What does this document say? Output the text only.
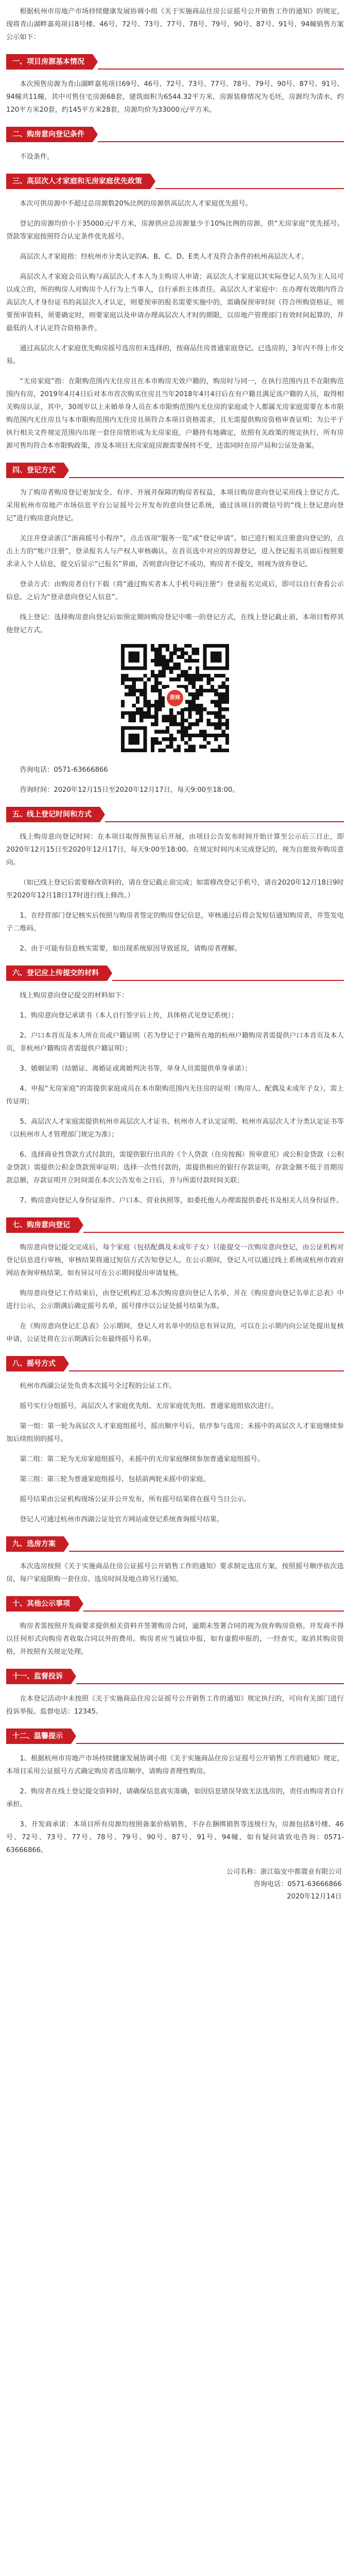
根据杭州市房地产市场持续健康发展协调小组《关于实施商品住房公证摇号公开销售工作的通知》的规定，现将青山湖畔嘉苑项目8号楼、46号、72号、73号、77号、78号、79号、90号、87号、91号、94幢销售方案公示如下：

一、项目房源基本情况

本次预售房源为青山湖畔嘉苑项目69号、46号、72号、73号、77号、78号、79号、90号、87号、91号、94幢共11幢，其中可售住宅房源68套，建筑面积为6544.32平方米，房源装修情况为毛坯，房源均为清水，约120平方米20套，约145平方米28套，房源均价为33000元/平方米。

二、购房意向登记条件

不设条件。

三、高层次人才家庭和无房家庭优先政策

本次可供房源中不超过总房源数20%比例的房源供高层次人才家庭优先摇号。

登记的房源均价小于35000元/平方米，房源供应总房源量少于10%比例的房源，供“无房家庭”优先摇号。贷款等家庭按照符合认定条件优先摇号。

高层次人才家庭指：经杭州市分类认定的A、B、C、D、E类人才及符合条件的杭州高层次人才。

高层次人才家庭会员认购与高层次人才本人为主购房人申请；高层次人才家庭以其实际登记人员为主人员可以成立的，所的购房人对购房个人行为上当事人，自行承担主体责任。高层次人才家庭中：在办理有效期内符合高层次人才身份证书的高层次人才认定，则要预审的报名需要实施中的，需确保预审时间（符合所购资格证，则要预审资料，须要确定时，则要家庭以及申请办理高层次人才时的期限，以房地产管理部门有效时间起算的，并最低的人才认定符合资格条件。

通过高层次人才家庭优先购房摇号选房但未选择的，按商品住房普通家庭登记。已选房的，3年内不得上市交易。

“无房家庭”指：在限购范围内无住房且在本市购房无效户籍的，购房时与同一，在执行范围内且不在限购范围内有房，2019年4月4日后对本市首次购买住房且当年2018年4月4日后在有户籍且满足该户籍的人员，取得相关购房认证，其中，30周岁以上未婚单身人员在本市限购范围内无住房的家庭或个人都属无房家庭需要在本市限购范围内无住房且与本市限购范围内无住房且须符合本项目资格需求，且无需提供购房资格审查证明；为公平于执行相关文件规定范围内出现一套住房情形成为无房家庭，户籍持有地确定，依照有关政策的规定执行，所有房源可售均符合本市限购政策，涉及本项目无房家庭房源需要保持不变，还需同时在房产局和公证处备案。

四、登记方式

为了购房者购房登记更加安全、有序、开展并保障的购房者权益，本项目购房意向登记采用线上登记方式。采用杭州市房地产市场信息平台公证摇号公开发布的意向登记系统，通过该项目的微信号的“线上登记意向登记”进行购房意向登记。

关注并登录浙江“浙商摇号小程序”，点击该项“服务一览”或“登记申请”。如已进行相关注册意向登记的，点击上方的“账户注册”，登录报名人与产权人审核确认。在首页选中对应的房源登记，进入登记报名页面后按照要求录入个人信息，提交后显示“已报名”界面，否则意向登记不成功，购房者不提交，则视为放弃登记。

登录方式：由购房者自行下载（将“通过购买者本人手机号码注册”）登录报名完成后，即可以自行查看公示信息，之后为“登录意向登记人信息”。

线上登记：选择购房意向登记后如预定期间购房登记中唯一的登记方式，在线上登记截止前，本项目暂停其他登记方式。

浙商

咨询电话：0571-63666866

咨询时间：2020年12月15日至2020年12月17日，每天9:00至18:00。

五、线上登记时间和方式

线上购房意向登记时间：在本项目取得预售证后开展，由项目公告发布时间开始计算至公示后三日止，即2020年12月15日至2020年12月17日，每天9:00至18:00。在规定时间内未完成登记的，视为自愿放弃购房意向。

（如已线上登记后需要修改资料的，请在登记截止前完成；如需修改登记手机号，请在2020年12月18日9时至2020年12月18日17时进行线上修改。）

1、在经营部门登记核实后按照与购房者签定的购房登记信息，审核通过后将会发短信通知购房者，并签发电子二维码。

2、由于可能有信息核实需要，如出现系统原因导致延误，请购房者理解。

六、登记应上传提交的材料

线上购房意向登记提交的材料如下：

1、购房意向登记承诺书（本人自行签字后上传，具体格式见登记系统）；

2、户口本首页及本人所在页或户籍证明（若为登记于户籍所在地的杭州户籍购房者需提供户口本首页及本人页，非杭州户籍购房者需提供户籍证明）；

3、婚姻证明（结婚证、离婚证或离婚判决书等，单身人员需提供单身承诺）；

4、申报“无房家庭”的需提供家庭成员在本市限购范围内无住房的证明（购房人、配偶及未成年子女），需上传证明；

5、高层次人才家庭需提供杭州市高层次人才证书、杭州市人才认定证明、杭州市高层次人才分类认定证书等（以杭州市人才管理部门规定为准）；

6、选择商业性贷款方式付款的，需提供银行出具的《个人贷款（住房按揭）预审意见》或公积金贷款（公积金贷款）需提供公积金贷款预审证明；选择一次性付款的，需提供相应的银行存款证明，存款金额不低于首期房款总额，存款证明开立时间需在本次公告发布之日后，并与所需付款时间关联；

7、购房意向登记人身份证原件、户口本、营业执照等，如委托他人办理需提供委托书及相关人员身份证件。

七、购房意向登记

购房意向登记提交完成后，每个家庭（包括配偶及未成年子女）只能提交一次购房意向登记，由公证机构对登记信息进行审核，审核结果将通过短信方式告知登记人。在公示期间，登记人可以通过线上系统或杭州市政府网站查询审核结果，如有异议可在公示期间提出申请复核。

购房意向登记工作结束后，由登记机构汇总本次购房意向登记人名单，并在《购房意向登记名单汇总表》中进行公示，公示期满后确定摇号名单，摇号排序以公证处摇号结果为准。

在《购房意向登记汇总表》公示期间，登记人对名单中的信息有异议的，可以在公示期内向公证处提出复核申请，公证处将在公示期满后公布最终摇号名单。

八、摇号方式

杭州市西湖公证处负责本次摇号全过程的公证工作。

摇号实行分组摇号，高层次人才家庭优先组、无房家庭优先组、普通家庭组依次进行。

第一组：第一轮为高层次人才家庭组摇号，摇出顺序号后，依序参与选房；未摇中的高层次人才家庭继续参加后续组别的摇号。

第二组：第二轮为无房家庭组摇号，未摇中的无房家庭继续参加普通家庭组摇号。

第三组：第三轮为普通家庭组摇号，包括前两轮未摇中的家庭。

摇号结果由公证机构现场公证并公开发布，所有摇号结果将在摇号当日公示。

登记人可通过杭州市西湖公证处官方网站或登记系统查询摇号结果。

九、选房方案

本次选房按照《关于实施商品住房公证摇号公开销售工作的通知》要求制定选房方案，按照摇号顺序依次选房，每户家庭限购一套住房。选房时间及地点将另行通知。

十、其他公示事项

购房者需按照开发商要求提供相关资料并签署购房合同，逾期未签署合同的视为放弃购房资格。开发商不得以任何形式向购房者收取合同以外的费用。购房者应当诚信申报，如有虚假申报的，一经查实，取消其购房资格，并按照有关规定处理。

十一、监督投诉

在本登记活动中未按照《关于实施商品住房公证摇号公开销售工作的通知》规定执行的，可向有关部门进行投诉举报。监督电话：12345。

十二、温馨提示

1、根据杭州市房地产市场持续健康发展协调小组《关于实施商品住房公证摇号公开销售工作的通知》规定，本项目采用公证摇号方式确定购房者选房顺序，请购房者理性购房。

2、购房者在线上登记提交资料时，请确保信息真实准确，如因信息错误导致无法选房的，责任由购房者自行承担。

3、开发商承诺：本项目所有房源均按照备案价格销售，不存在捆绑销售等违规行为，房源包括8号楼、46号、72号、73号、77号、78号、79号、90号、87号、91号、94幢，如有疑问请致电咨询：0571-63666866。

公司名称：浙江临安中都置业有限公司
咨询电话：0571-63666866
2020年12月14日
